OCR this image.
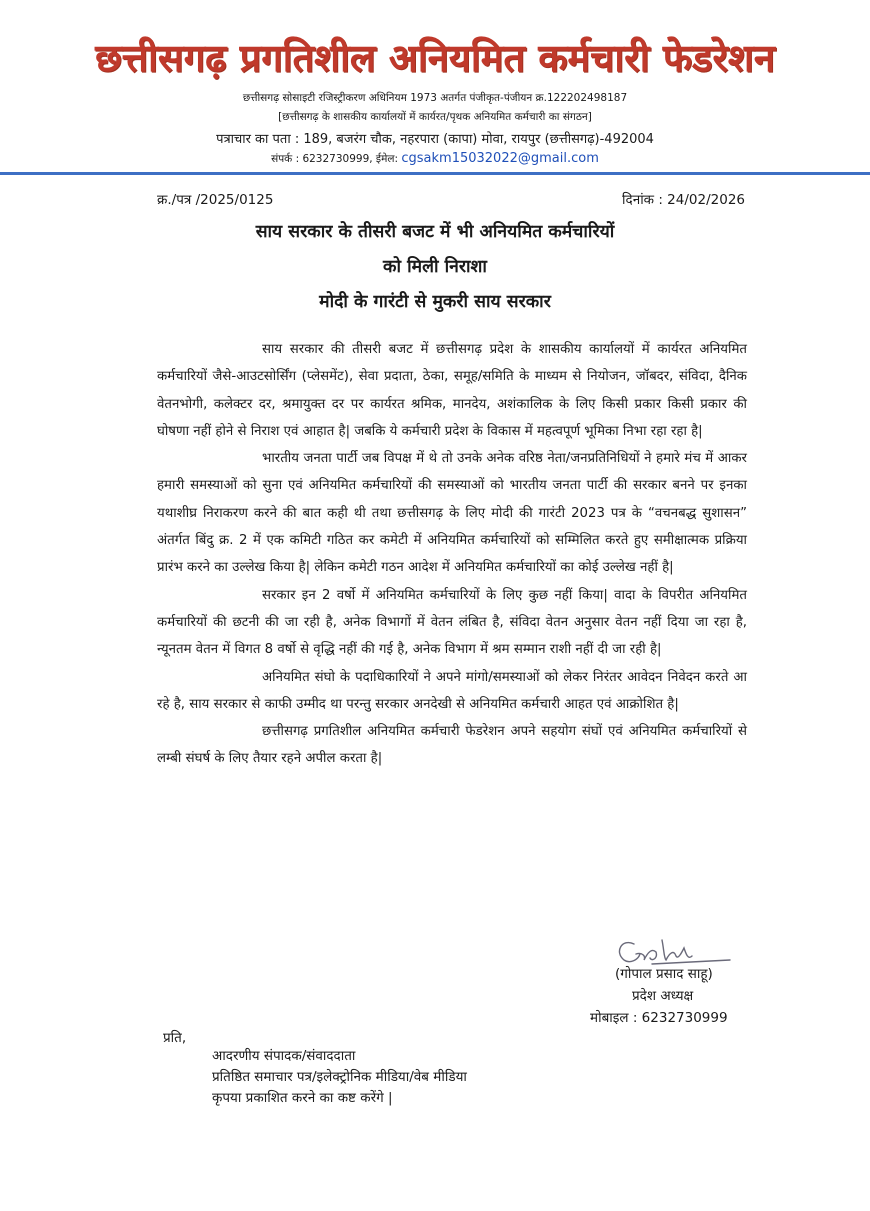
छत्तीसगढ़ प्रगतिशील अनियमित कर्मचारी फेडरेशन
छत्तीसगढ़ सोसाइटी रजिस्ट्रीकरण अधिनियम 1973 अतर्गत पंजीकृत-पंजीयन क्र.122202498187
[छत्तीसगढ़ के शासकीय कार्यालयों में कार्यरत/पृथक अनियमित कर्मचारी का संगठन]
पत्राचार का पता : 189, बजरंग चौक, नहरपारा (कापा) मोवा, रायपुर (छत्तीसगढ़)-492004
संपर्क : 6232730999, ईमेल: cgsakm15032022@gmail.com
क्र./पत्र /2025/0125	दिनांक : 24/02/2026
साय सरकार के तीसरी बजट में भी अनियमित कर्मचारियों
को मिली निराशा
मोदी के गारंटी से मुकरी साय सरकार

साय सरकार की तीसरी बजट में छत्तीसगढ़ प्रदेश के शासकीय कार्यालयों में कार्यरत अनियमित कर्मचारियों जैसे-आउटसोर्सिंग (प्लेसमेंट), सेवा प्रदाता, ठेका, समूह/समिति के माध्यम से नियोजन, जॉबदर, संविदा, दैनिक वेतनभोगी, कलेक्टर दर, श्रमायुक्त दर पर कार्यरत श्रमिक, मानदेय, अशंकालिक के लिए किसी प्रकार किसी प्रकार की घोषणा नहीं होने से निराश एवं आहात है| जबकि ये कर्मचारी प्रदेश के विकास में महत्वपूर्ण भूमिका निभा रहा रहा है|

भारतीय जनता पार्टी जब विपक्ष में थे तो उनके अनेक वरिष्ठ नेता/जनप्रतिनिधियों ने हमारे मंच में आकर हमारी समस्याओं को सुना एवं अनियमित कर्मचारियों की समस्याओं को भारतीय जनता पार्टी की सरकार बनने पर इनका यथाशीघ्र निराकरण करने की बात कही थी तथा छत्तीसगढ़ के लिए मोदी की गारंटी 2023 पत्र के “वचनबद्ध सुशासन” अंतर्गत बिंदु क्र. 2 में एक कमिटी गठित कर कमेटी में अनियमित कर्मचारियों को सम्मिलित करते हुए समीक्षात्मक प्रक्रिया प्रारंभ करने का उल्लेख किया है| लेकिन कमेटी गठन आदेश में अनियमित कर्मचारियों का कोई उल्लेख नहीं है|

सरकार इन 2 वर्षो में अनियमित कर्मचारियों के लिए कुछ नहीं किया| वादा के विपरीत अनियमित कर्मचारियों की छटनी की जा रही है, अनेक विभागों में वेतन लंबित है, संविदा वेतन अनुसार वेतन नहीं दिया जा रहा है, न्यूनतम वेतन में विगत 8 वर्षो से वृद्धि नहीं की गई है, अनेक विभाग में श्रम सम्मान राशी नहीं दी जा रही है|

अनियमित संघो के पदाधिकारियों ने अपने मांगो/समस्याओं को लेकर निरंतर आवेदन निवेदन करते आ रहे है, साय सरकार से काफी उम्मीद था परन्तु सरकार अनदेखी से अनियमित कर्मचारी आहत एवं आक्रोशित है|

छत्तीसगढ़ प्रगतिशील अनियमित कर्मचारी फेडरेशन अपने सहयोग संघों एवं अनियमित कर्मचारियों से लम्बी संघर्ष के लिए तैयार रहने अपील करता है|

(गोपाल प्रसाद साहू)
प्रदेश अध्यक्ष
मोबाइल : 6232730999
प्रति,
आदरणीय संपादक/संवाददाता
प्रतिष्ठित समाचार पत्र/इलेक्ट्रोनिक मीडिया/वेब मीडिया
कृपया प्रकाशित करने का कष्ट करेंगे |
